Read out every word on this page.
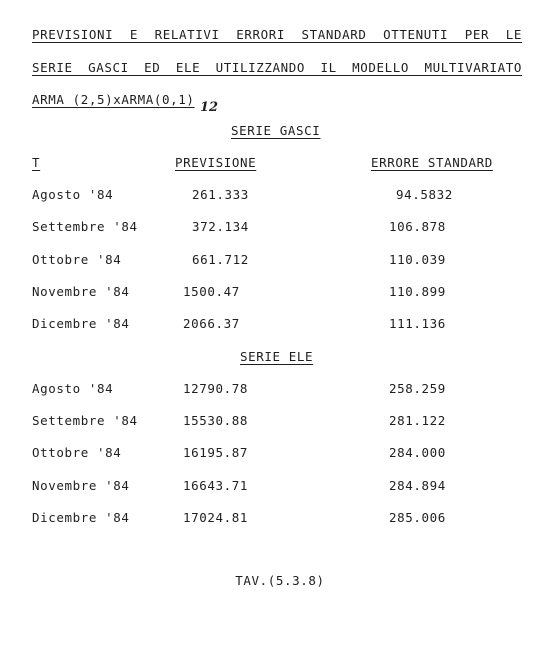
PREVISIONI E RELATIVI ERRORI STANDARD OTTENUTI PER LE
SERIE GASCI ED ELE UTILIZZANDO IL MODELLO MULTIVARIATO
ARMA (2,5)xARMA(0,1)
12
SERIE GASCI
T	PREVISIONE	ERRORE STANDARD
Agosto '84	261.333	94.5832
Settembre '84	372.134	106.878
Ottobre '84	661.712	110.039
Novembre '84	1500.47	110.899
Dicembre '84	2066.37	111.136
SERIE ELE
Agosto '84	12790.78	258.259
Settembre '84	15530.88	281.122
Ottobre '84	16195.87	284.000
Novembre '84	16643.71	284.894
Dicembre '84	17024.81	285.006
TAV.(5.3.8)
